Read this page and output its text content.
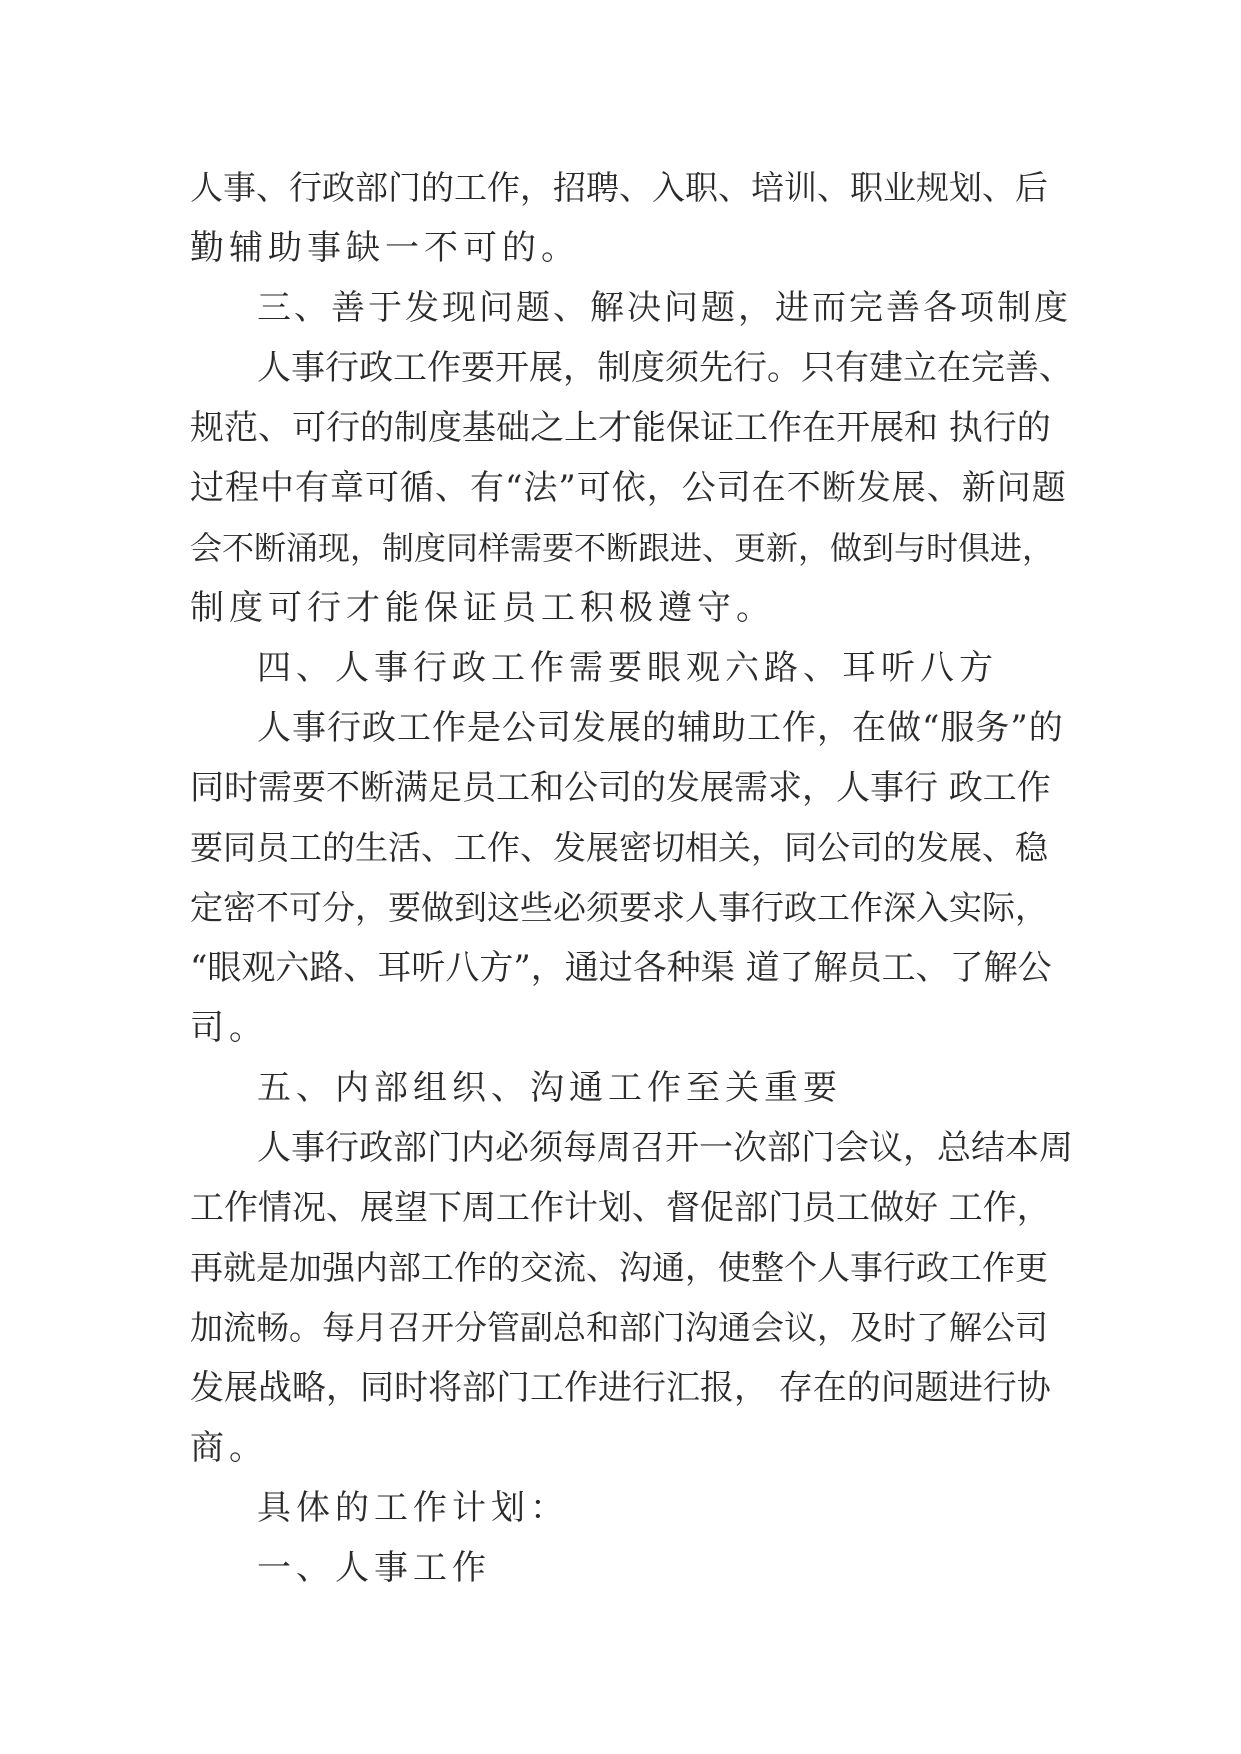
人事、行政部门的工作，招聘、入职、培训、职业规划、后
勤辅助事缺一不可的。
三、善于发现问题、解决问题，进而完善各项制度
人事行政工作要开展，制度须先行。只有建立在完善、
规范、可行的制度基础之上才能保证工作在开展和 执行的
过程中有章可循、有“法”可依，公司在不断发展、新问题
会不断涌现，制度同样需要不断跟进、更新，做到与时俱进，
制度可行才能保证员工积极遵守。
四、人事行政工作需要眼观六路、耳听八方
人事行政工作是公司发展的辅助工作，在做“服务”的
同时需要不断满足员工和公司的发展需求，人事行 政工作
要同员工的生活、工作、发展密切相关，同公司的发展、稳
定密不可分，要做到这些必须要求人事行政工作深入实际，
“眼观六路、耳听八方”，通过各种渠 道了解员工、了解公
司。
五、内部组织、沟通工作至关重要
人事行政部门内必须每周召开一次部门会议，总结本周
工作情况、展望下周工作计划、督促部门员工做好 工作，
再就是加强内部工作的交流、沟通，使整个人事行政工作更
加流畅。每月召开分管副总和部门沟通会议，及时了解公司
发展战略，同时将部门工作进行汇报， 存在的问题进行协
商。
具体的工作计划：
一、人事工作
